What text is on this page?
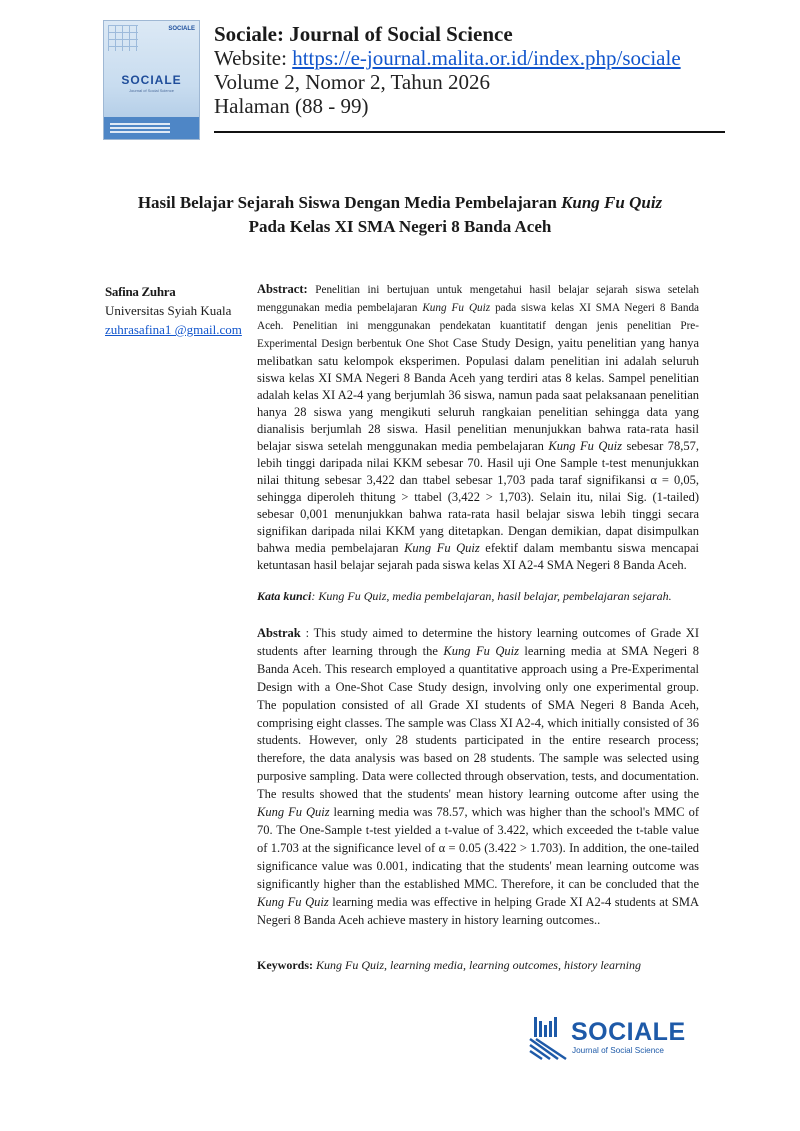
SOCIALE
SOCIALE
Journal of Social Science
Sociale: Journal of Social Science
Website: https://e-journal.malita.or.id/index.php/sociale
Volume 2, Nomor 2, Tahun 2026
Halaman (88 - 99)
Hasil Belajar Sejarah Siswa Dengan Media Pembelajaran Kung Fu Quiz
Pada Kelas XI SMA Negeri 8 Banda Aceh
Safina Zuhra
Universitas Syiah Kuala
zuhrasafina1 @gmail.com

Abstract: Penelitian ini bertujuan untuk mengetahui hasil belajar sejarah siswa setelah menggunakan media pembelajaran Kung Fu Quiz pada siswa kelas XI SMA Negeri 8 Banda Aceh. Penelitian ini menggunakan pendekatan kuantitatif dengan jenis penelitian Pre-Experimental Design berbentuk One Shot Case Study Design, yaitu penelitian yang hanya melibatkan satu kelompok eksperimen. Populasi dalam penelitian ini adalah seluruh siswa kelas XI SMA Negeri 8 Banda Aceh yang terdiri atas 8 kelas. Sampel penelitian adalah kelas XI A2-4 yang berjumlah 36 siswa, namun pada saat pelaksanaan penelitian hanya 28 siswa yang mengikuti seluruh rangkaian penelitian sehingga data yang dianalisis berjumlah 28 siswa. Hasil penelitian menunjukkan bahwa rata-rata hasil belajar siswa setelah menggunakan media pembelajaran Kung Fu Quiz sebesar 78,57, lebih tinggi daripada nilai KKM sebesar 70. Hasil uji One Sample t-test menunjukkan nilai thitung sebesar 3,422 dan ttabel sebesar 1,703 pada taraf signifikansi α = 0,05, sehingga diperoleh thitung > ttabel (3,422 > 1,703). Selain itu, nilai Sig. (1-tailed) sebesar 0,001 menunjukkan bahwa rata-rata hasil belajar siswa lebih tinggi secara signifikan daripada nilai KKM yang ditetapkan. Dengan demikian, dapat disimpulkan bahwa media pembelajaran Kung Fu Quiz efektif dalam membantu siswa mencapai ketuntasan hasil belajar sejarah pada siswa kelas XI A2-4 SMA Negeri 8 Banda Aceh.

Kata kunci: Kung Fu Quiz, media pembelajaran, hasil belajar, pembelajaran sejarah.

Abstrak : This study aimed to determine the history learning outcomes of Grade XI students after learning through the Kung Fu Quiz learning media at SMA Negeri 8 Banda Aceh. This research employed a quantitative approach using a Pre-Experimental Design with a One-Shot Case Study design, involving only one experimental group. The population consisted of all Grade XI students of SMA Negeri 8 Banda Aceh, comprising eight classes. The sample was Class XI A2-4, which initially consisted of 36 students. However, only 28 students participated in the entire research process; therefore, the data analysis was based on 28 students. The sample was selected using purposive sampling. Data were collected through observation, tests, and documentation. The results showed that the students' mean history learning outcome after using the Kung Fu Quiz learning media was 78.57, which was higher than the school's MMC of 70. The One-Sample t-test yielded a t-value of 3.422, which exceeded the t-table value of 1.703 at the significance level of α = 0.05 (3.422 > 1.703). In addition, the one-tailed significance value was 0.001, indicating that the students' mean learning outcome was significantly higher than the established MMC. Therefore, it can be concluded that the Kung Fu Quiz learning media was effective in helping Grade XI A2-4 students at SMA Negeri 8 Banda Aceh achieve mastery in history learning outcomes..

Keywords: Kung Fu Quiz, learning media, learning outcomes, history learning
SOCIALE
Journal of Social Science
